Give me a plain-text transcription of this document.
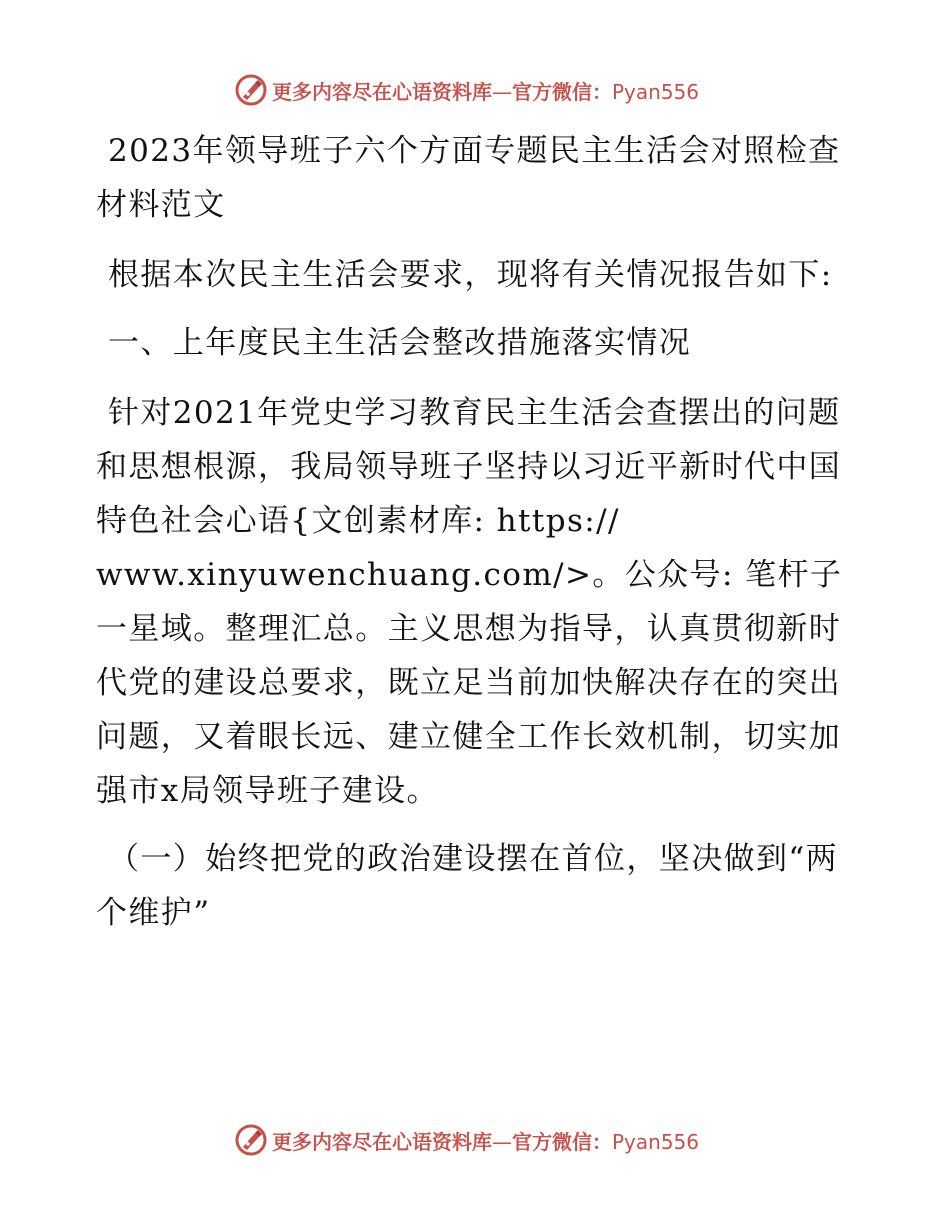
更多内容尽在心语资料库—官方微信：Pyan556

2023年领导班子六个方面专题民主生活会对照检查材料范文

根据本次民主生活会要求，现将有关情况报告如下:

一、上年度民主生活会整改措施落实情况

针对2021年党史学习教育民主生活会查摆出的问题和思想根源，我局领导班子坚持以习近平新时代中国特色社会心语{文创素材库: https:// www.xinyuwenchuang.com/>。公众号: 笔杆子一星域。整理汇总。主义思想为指导，认真贯彻新时代党的建设总要求，既立足当前加快解决存在的突出问题，又着眼长远、建立健全工作长效机制，切实加强市x局领导班子建设。

（一）始终把党的政治建设摆在首位，坚决做到“两个维护”

更多内容尽在心语资料库—官方微信：Pyan556
